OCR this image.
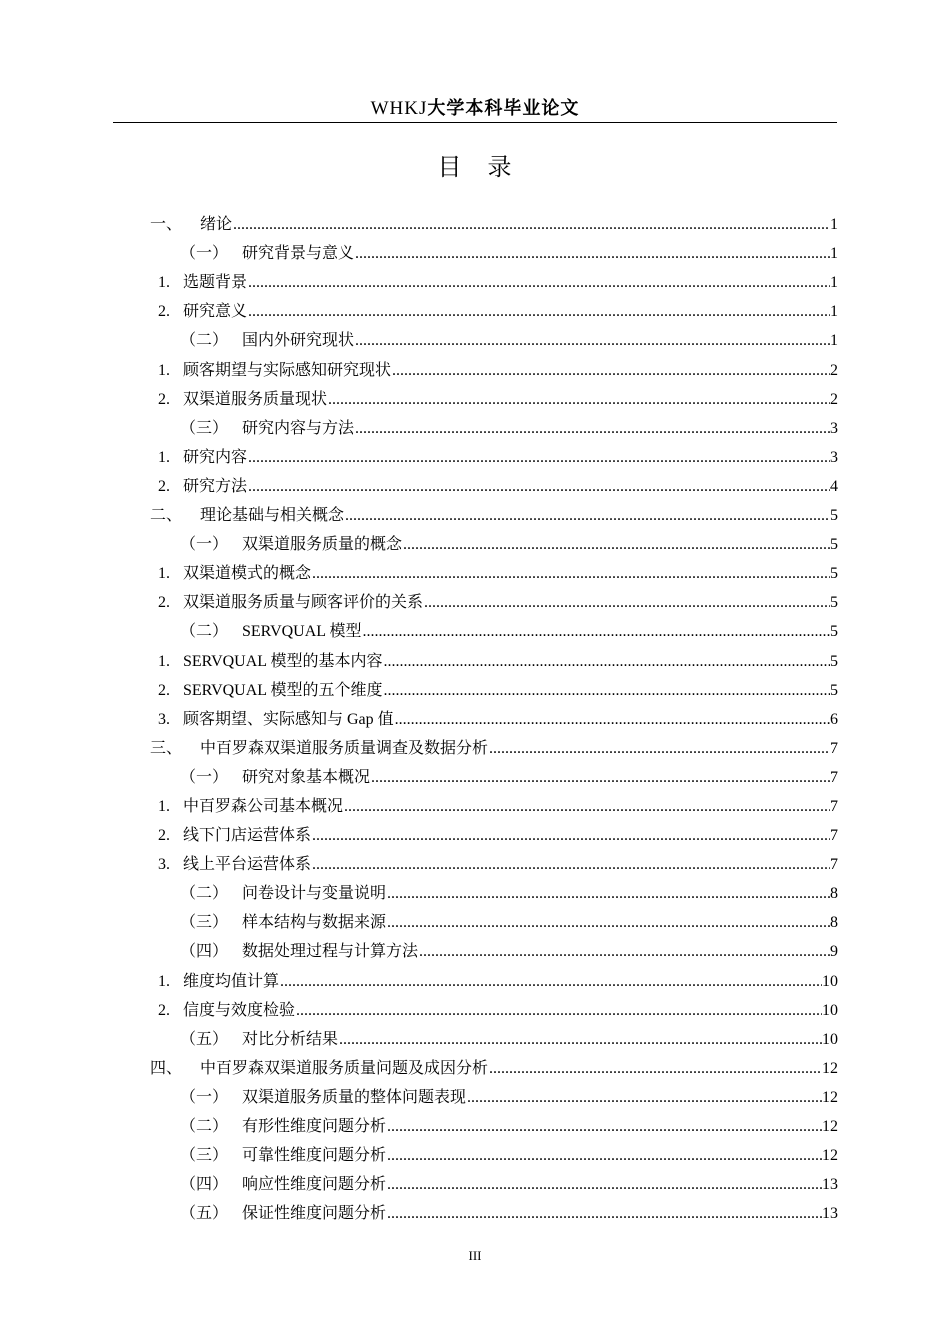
WHKJ大学本科毕业论文
目　录
一、	绪论 .....	1
（一） 研究背景与意义 .....	1
1. 选题背景 .....	1
2. 研究意义 .....	1
（二） 国内外研究现状 .....	1
1. 顾客期望与实际感知研究现状 .....	2
2. 双渠道服务质量现状 .....	2
（三） 研究内容与方法 .....	3
1. 研究内容 .....	3
2. 研究方法 .....	4
二、	理论基础与相关概念 .....	5
（一） 双渠道服务质量的概念 .....	5
1. 双渠道模式的概念 .....	5
2. 双渠道服务质量与顾客评价的关系 .....	5
（二） SERVQUAL 模型 .....	5
1. SERVQUAL 模型的基本内容 .....	5
2. SERVQUAL 模型的五个维度 .....	5
3. 顾客期望、实际感知与 Gap 值 .....	6
三、	中百罗森双渠道服务质量调查及数据分析 .....	7
（一） 研究对象基本概况 .....	7
1. 中百罗森公司基本概况 .....	7
2. 线下门店运营体系 .....	7
3. 线上平台运营体系 .....	7
（二） 问卷设计与变量说明 .....	8
（三） 样本结构与数据来源 .....	8
（四） 数据处理过程与计算方法 .....	9
1. 维度均值计算 .....	10
2. 信度与效度检验 .....	10
（五） 对比分析结果 .....	10
四、	中百罗森双渠道服务质量问题及成因分析 .....	12
（一） 双渠道服务质量的整体问题表现 .....	12
（二） 有形性维度问题分析 .....	12
（三） 可靠性维度问题分析 .....	12
（四） 响应性维度问题分析 .....	13
（五） 保证性维度问题分析 .....	13
III
